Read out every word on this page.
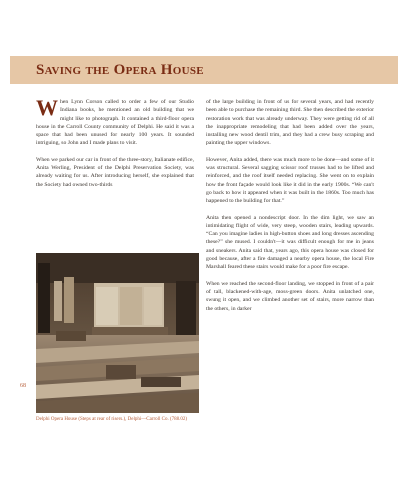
Saving the Opera House

When Lynn Corson called to order a few of our Studio Indiana books, he mentioned an old building that we might like to photograph. It contained a third-floor opera house in the Carroll County community of Delphi. He said it was a space that had been unused for nearly 100 years. It sounded intriguing, so John and I made plans to visit.

When we parked our car in front of the three-story, Italianate edifice, Anita Werling, President of the Delphi Preservation Society, was already waiting for us. After introducing herself, she explained that the Society had owned two-thirds

68
Delphi Opera House (Steps at rear of risers.), Delphi—Carroll Co. (788.02)

of the large building in front of us for several years, and had recently been able to purchase the remaining third. She then described the exterior restoration work that was already underway. They were getting rid of all the inappropriate remodeling that had been added over the years, installing new wood dentil trim, and they had a crew busy scraping and painting the upper windows.

However, Anita added, there was much more to be done—and some of it was structural. Several sagging scissor roof trusses had to be lifted and reinforced, and the roof itself needed replacing. She went on to explain how the front façade would look like it did in the early 1900s. “We can't go back to how it appeared when it was built in the 1860s. Too much has happened to the building for that.”

Anita then opened a nondescript door. In the dim light, we saw an intimidating flight of wide, very steep, wooden stairs, leading upwards. “Can you imagine ladies in high-button shoes and long dresses ascending these?” she mused. I couldn't—it was difficult enough for me in jeans and sneakers. Anita said that, years ago, this opera house was closed for good because, after a fire damaged a nearby opera house, the local Fire Marshall feared these stairs would make for a poor fire escape.

When we reached the second-floor landing, we stopped in front of a pair of tall, blackened-with-age, moss-green doors. Anita unlatched one, swung it open, and we climbed another set of stairs, more narrow than the others, in darker
